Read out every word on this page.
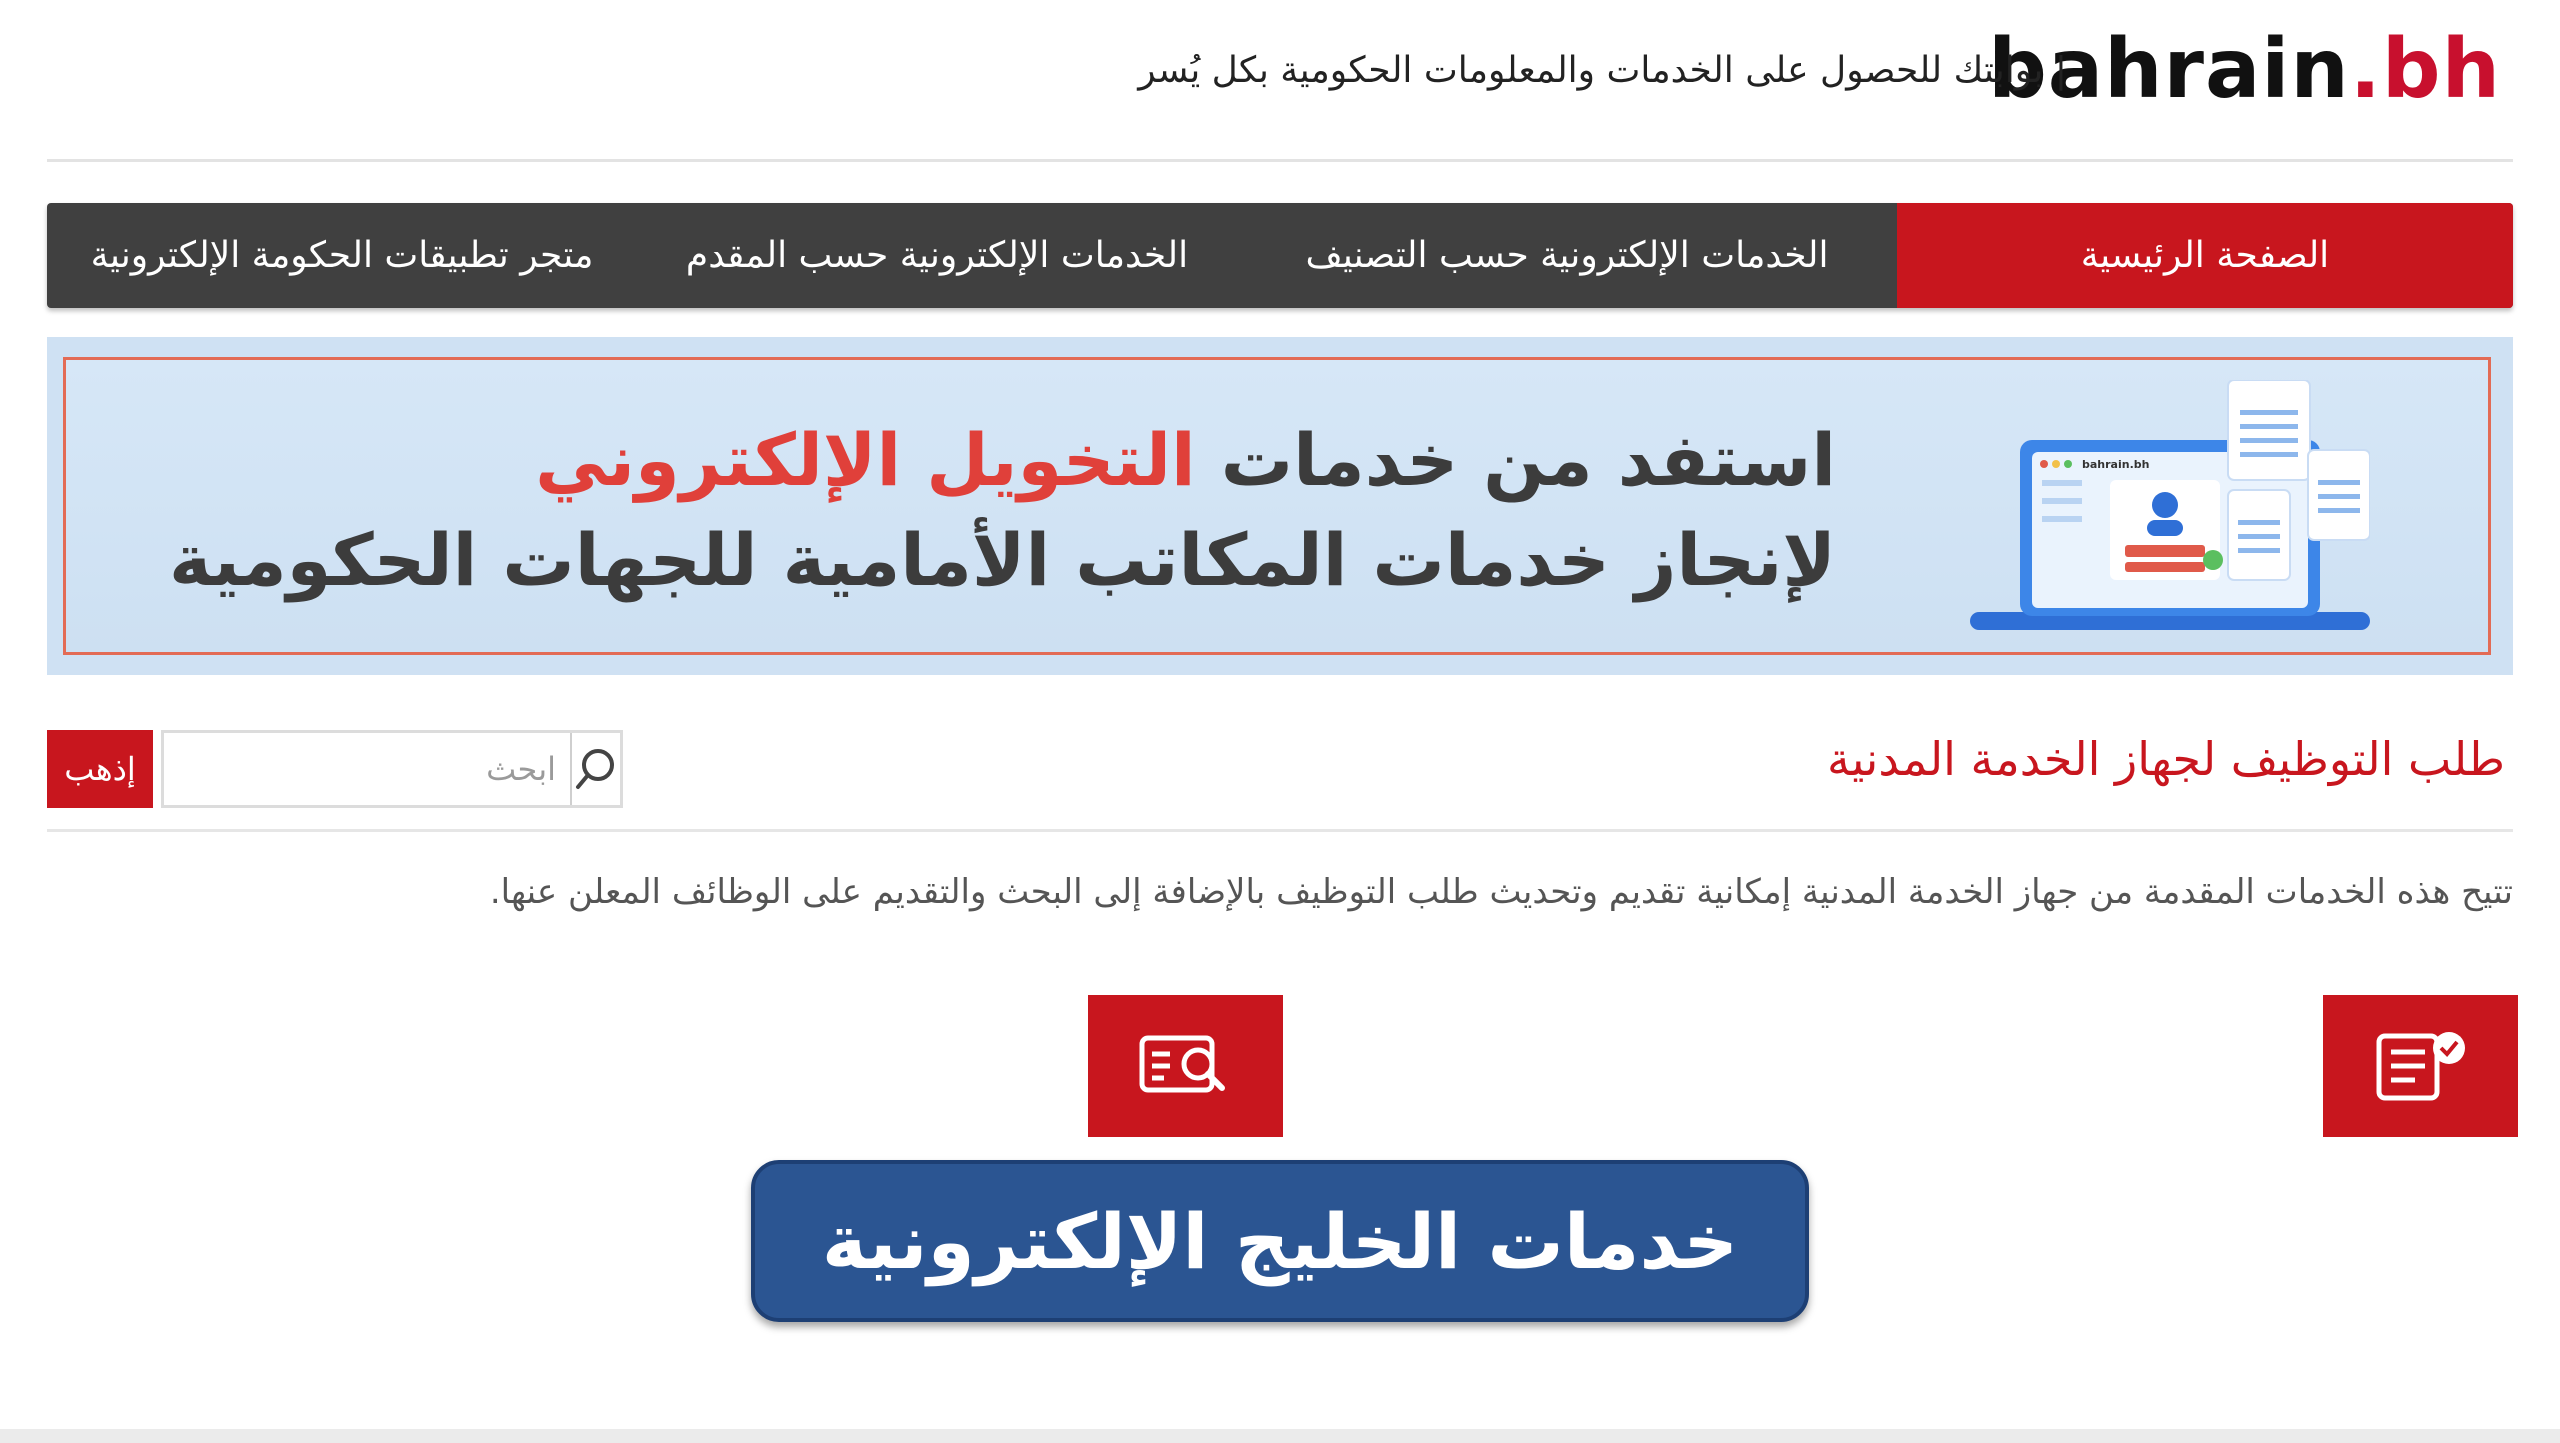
bahrain.bh
| بوابتك للحصول على الخدمات والمعلومات الحكومية بكل يُسر
الصفحة الرئيسية
الخدمات الإلكترونية حسب التصنيف
الخدمات الإلكترونية حسب المقدم
متجر تطبيقات الحكومة الإلكترونية
استفد من خدمات التخويل الإلكتروني
لإنجاز خدمات المكاتب الأمامية للجهات الحكومية
bahrain.bh
طلب التوظيف لجهاز الخدمة المدنية
إذهب
ابحث
تتيح هذه الخدمات المقدمة من جهاز الخدمة المدنية إمكانية تقديم وتحديث طلب التوظيف بالإضافة إلى البحث والتقديم على الوظائف المعلن عنها.
خدمات الخليج الإلكترونية
